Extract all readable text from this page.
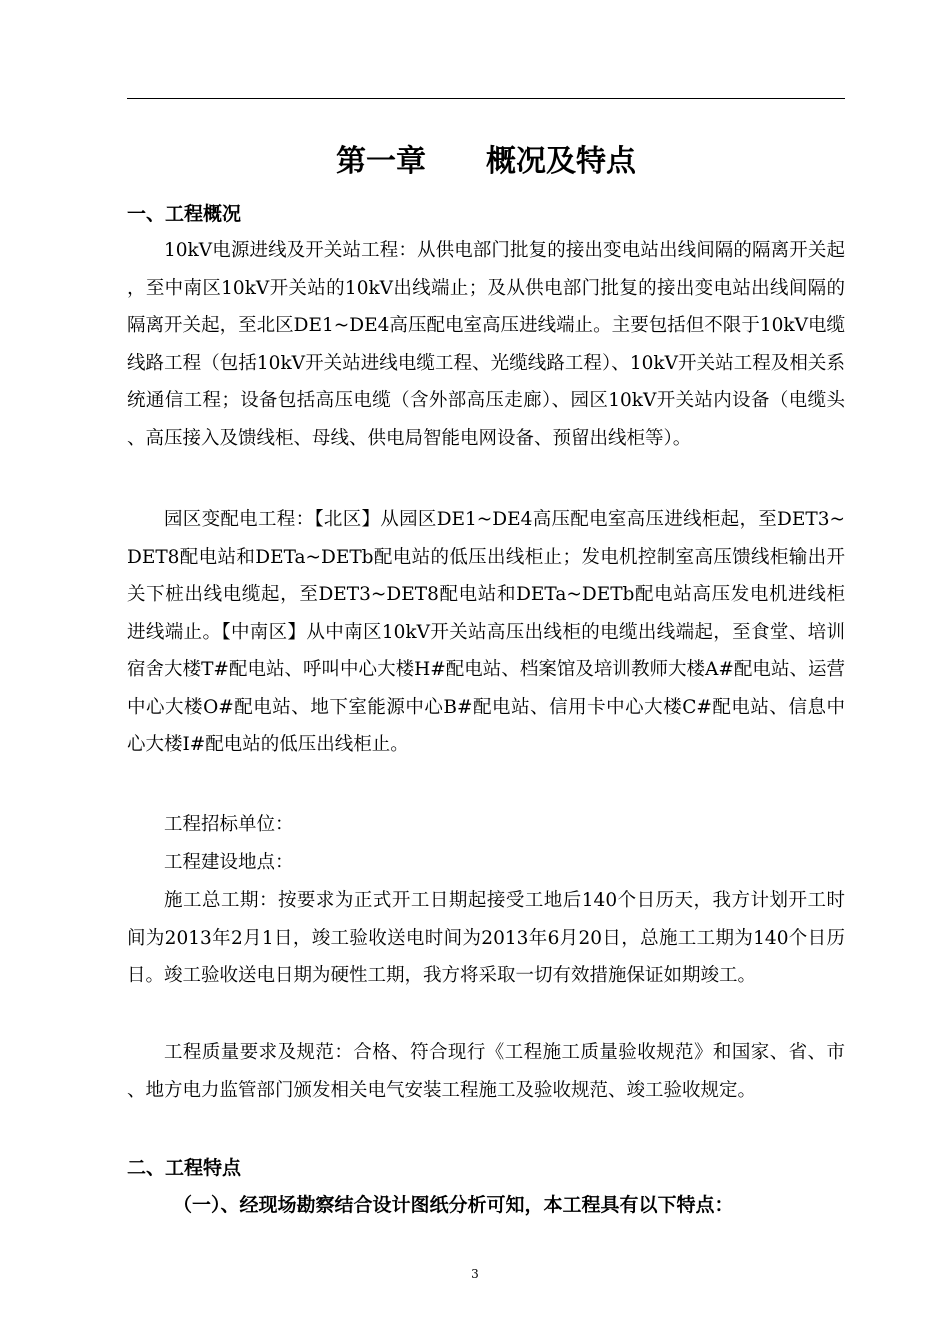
第一章　　概况及特点
一、工程概况

10kV电源进线及开关站工程：从供电部门批复的接出变电站出线间隔的隔离开关起，至中南区10kV开关站的10kV出线端止；及从供电部门批复的接出变电站出线间隔的隔离开关起，至北区DE1~DE4高压配电室高压进线端止。主要包括但不限于10kV电缆线路工程（包括10kV开关站进线电缆工程、光缆线路工程）、10kV开关站工程及相关系统通信工程；设备包括高压电缆（含外部高压走廊）、园区10kV开关站内设备（电缆头、高压接入及馈线柜、母线、供电局智能电网设备、预留出线柜等）。

园区变配电工程：【北区】从园区DE1~DE4高压配电室高压进线柜起，至DET3~DET8配电站和DETa~DETb配电站的低压出线柜止；发电机控制室高压馈线柜输出开关下桩出线电缆起，至DET3~DET8配电站和DETa~DETb配电站高压发电机进线柜进线端止。【中南区】从中南区10kV开关站高压出线柜的电缆出线端起，至食堂、培训宿舍大楼T#配电站、呼叫中心大楼H#配电站、档案馆及培训教师大楼A#配电站、运营中心大楼O#配电站、地下室能源中心B#配电站、信用卡中心大楼C#配电站、信息中心大楼I#配电站的低压出线柜止。

工程招标单位：

工程建设地点：

施工总工期：按要求为正式开工日期起接受工地后140个日历天，我方计划开工时间为2013年2月1日，竣工验收送电时间为2013年6月20日，总施工工期为140个日历日。竣工验收送电日期为硬性工期，我方将采取一切有效措施保证如期竣工。

工程质量要求及规范：合格、符合现行《工程施工质量验收规范》和国家、省、市、地方电力监管部门颁发相关电气安装工程施工及验收规范、竣工验收规定。

二、工程特点
（一）、经现场勘察结合设计图纸分析可知，本工程具有以下特点：
3
